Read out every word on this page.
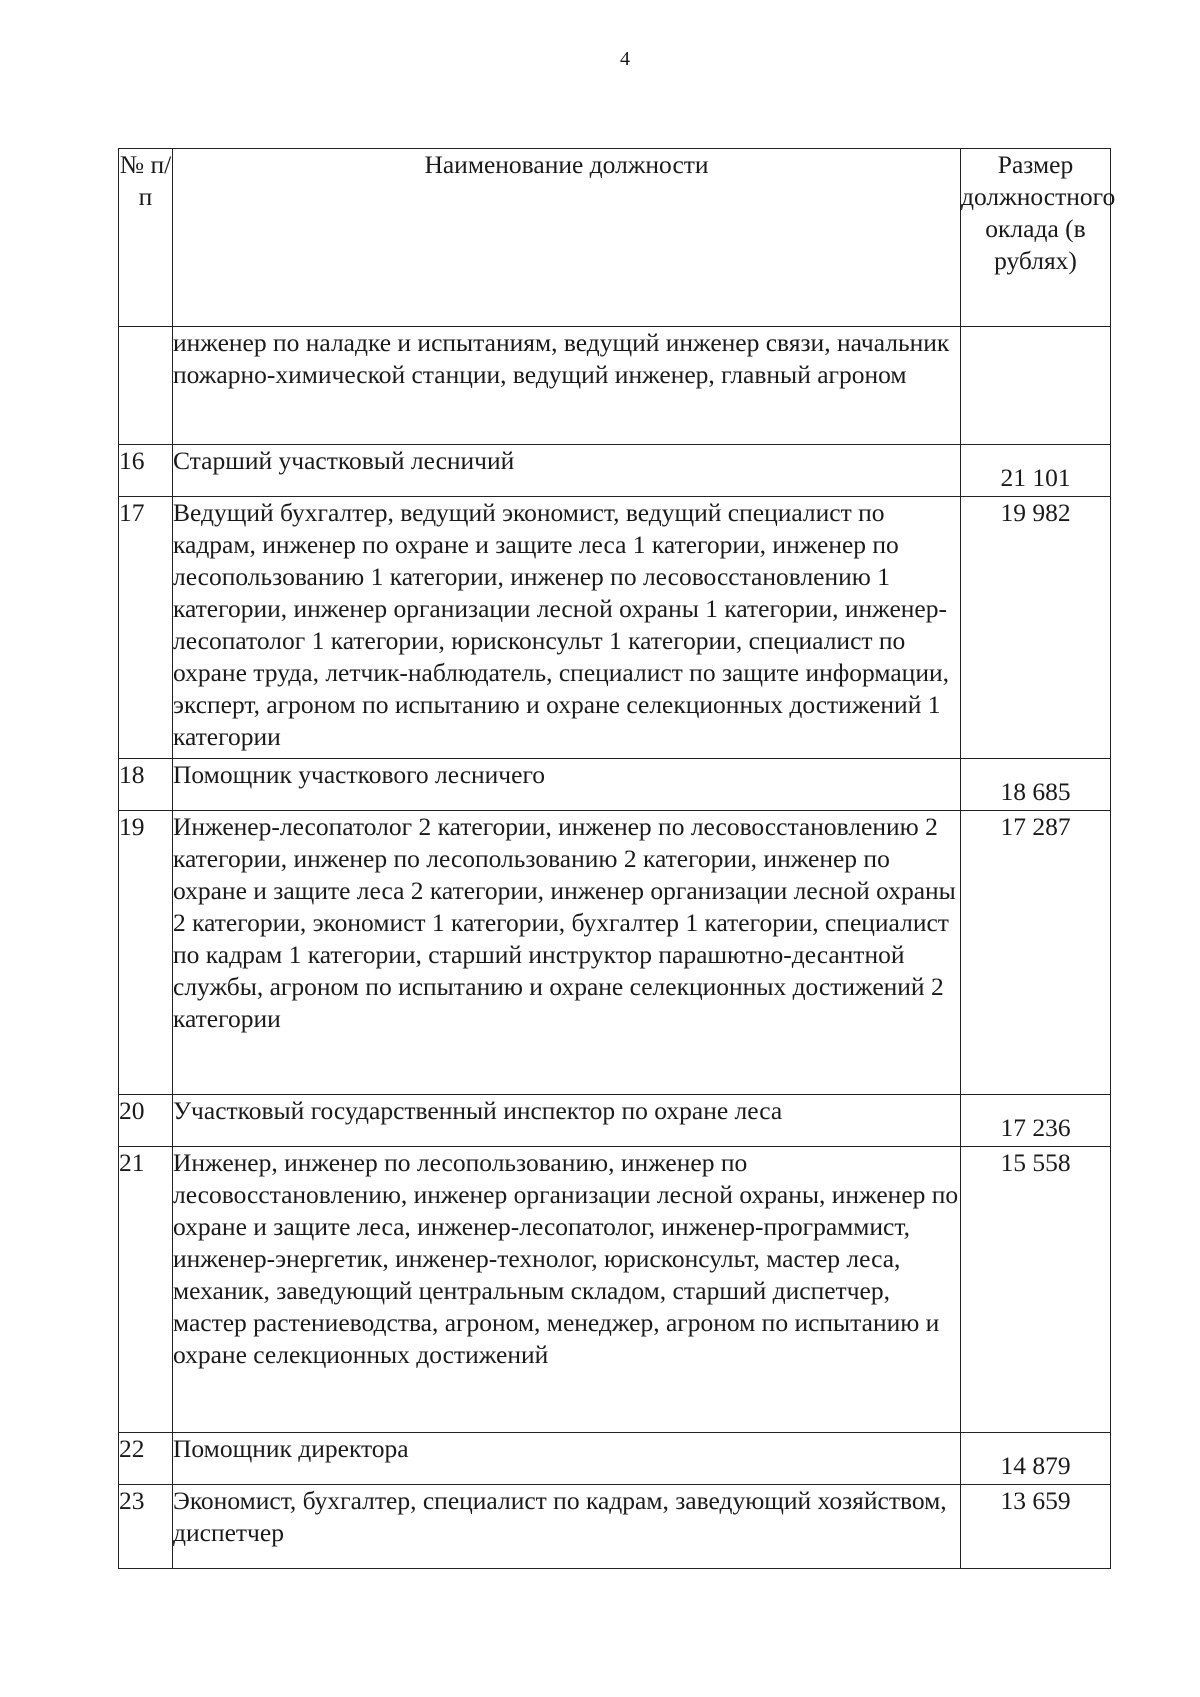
4
№ п/п	Наименование должности	Размер должностного оклада (в рублях)
	инженер по наладке и испытаниям, ведущий инженер связи, начальник пожарно-химической станции, ведущий инженер, главный агроном	
16	Старший участковый лесничий	21 101
17	Ведущий бухгалтер, ведущий экономист, ведущий специалист по кадрам, инженер по охране и защите леса 1 категории, инженер по лесопользованию 1 категории, инженер по лесовосстановлению 1 категории, инженер организации лесной охраны 1 категории, инженер-лесопатолог 1 категории, юрисконсульт 1 категории, специалист по охране труда, летчик-наблюдатель, специалист по защите информации, эксперт, агроном по испытанию и охране селекционных достижений 1 категории	19 982
18	Помощник участкового лесничего	18 685
19	Инженер-лесопатолог 2 категории, инженер по лесовосстановлению 2 категории, инженер по лесопользованию 2 категории, инженер по охране и защите леса 2 категории, инженер организации лесной охраны 2 категории, экономист 1 категории, бухгалтер 1 категории, специалист по кадрам 1 категории, старший инструктор парашютно-десантной службы, агроном по испытанию и охране селекционных достижений 2 категории	17 287
20	Участковый государственный инспектор по охране леса	17 236
21	Инженер, инженер по лесопользованию, инженер по лесовосстановлению, инженер организации лесной охраны, инженер по охране и защите леса, инженер-лесопатолог, инженер-программист, инженер-энергетик, инженер-технолог, юрисконсульт, мастер леса, механик, заведующий центральным складом, старший диспетчер, мастер растениеводства, агроном, менеджер, агроном по испытанию и охране селекционных достижений	15 558
22	Помощник директора	14 879
23	Экономист, бухгалтер, специалист по кадрам, заведующий хозяйством, диспетчер	13 659
